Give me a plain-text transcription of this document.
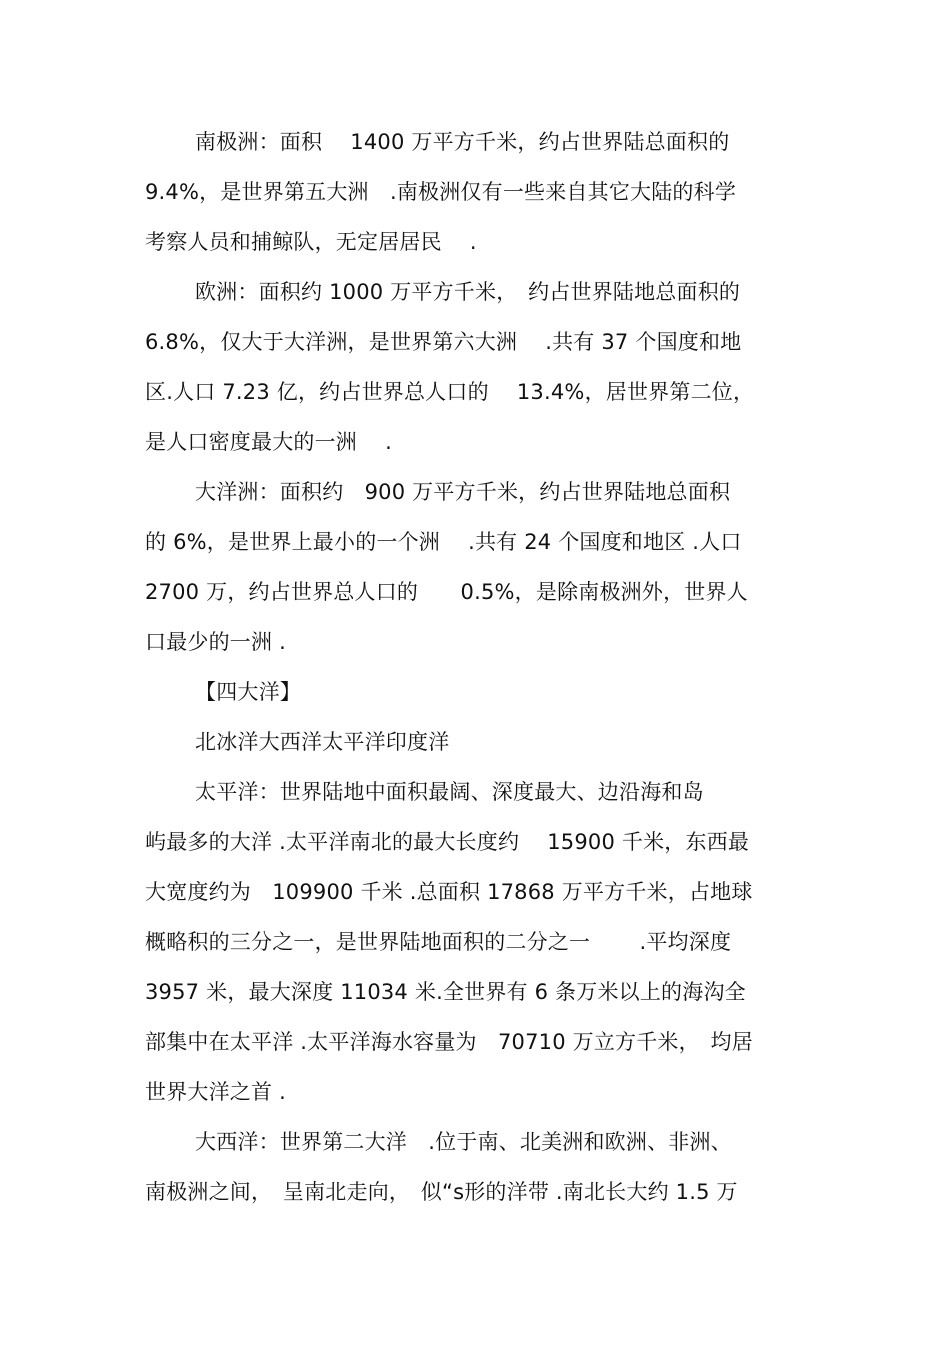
南极洲：面积　 1400 万平方千米，约占世界陆总面积的
9.4%，是世界第五大洲　.南极洲仅有一些来自其它大陆的科学
考察人员和捕鲸队，无定居居民　 .
欧洲：面积约 1000 万平方千米，　约占世界陆地总面积的
6.8%，仅大于大洋洲，是世界第六大洲　 .共有 37 个国度和地
区.人口 7.23 亿，约占世界总人口的　 13.4%，居世界第二位，
是人口密度最大的一洲　 .
大洋洲：面积约　900 万平方千米，约占世界陆地总面积
的 6%，是世界上最小的一个洲　 .共有 24 个国度和地区 .人口
2700 万，约占世界总人口的　　0.5%，是除南极洲外，世界人
口最少的一洲 .
【四大洋】
北冰洋大西洋太平洋印度洋
太平洋：世界陆地中面积最阔、深度最大、边沿海和岛
屿最多的大洋 .太平洋南北的最大长度约　 15900 千米，东西最
大宽度约为　109900 千米 .总面积 17868 万平方千米，占地球
概略积的三分之一，是世界陆地面积的二分之一　　 .平均深度
3957 米，最大深度 11034 米.全世界有 6 条万米以上的海沟全
部集中在太平洋 .太平洋海水容量为　70710 万立方千米，　均居
世界大洋之首 .
大西洋：世界第二大洋　.位于南、北美洲和欧洲、非洲、
南极洲之间，　呈南北走向，　似“s形的洋带 .南北长大约 1.5 万
